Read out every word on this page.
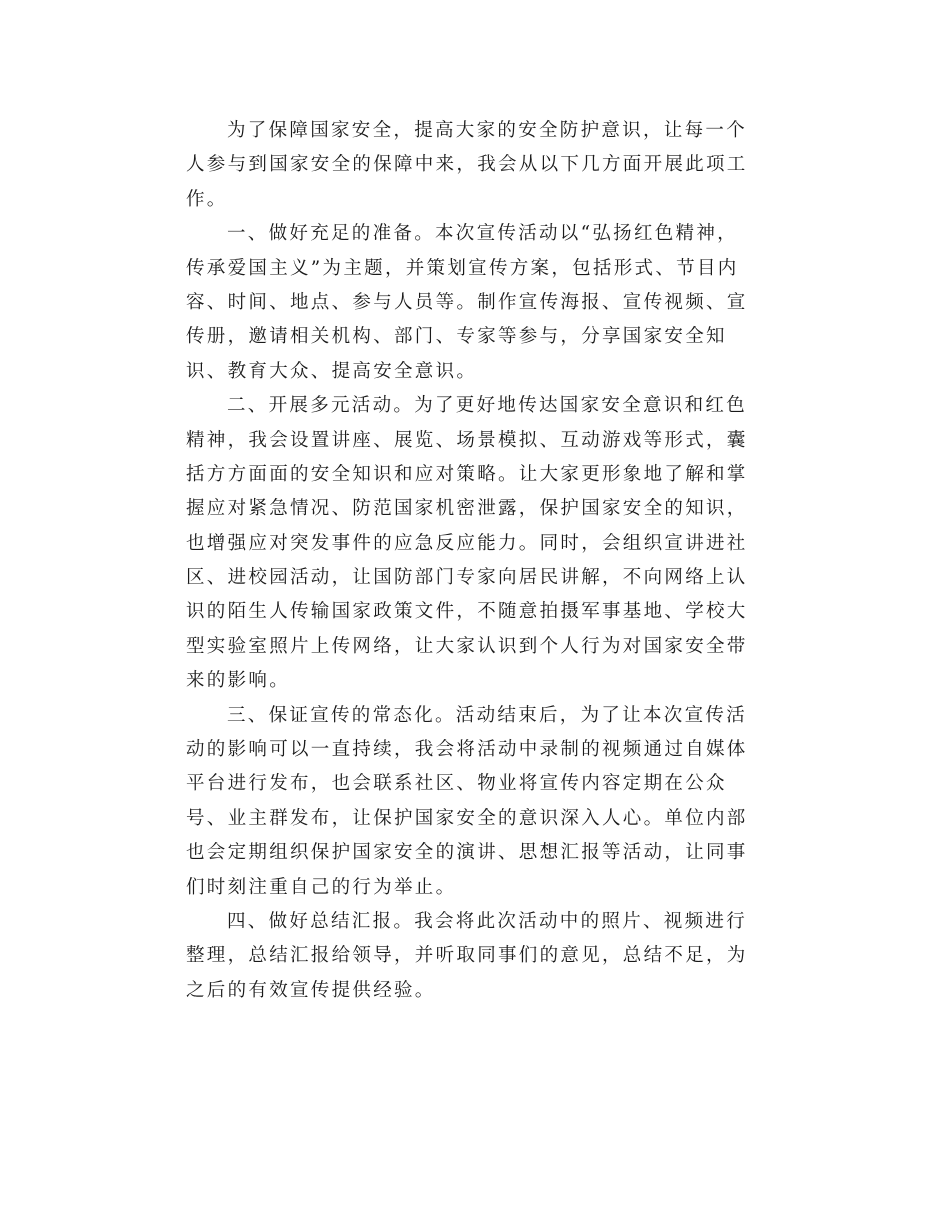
为了保障国家安全，提高大家的安全防护意识，让每一个
人参与到国家安全的保障中来，我会从以下几方面开展此项工
作。
一、做好充足的准备。本次宣传活动以“弘扬红色精神，
传承爱国主义”为主题，并策划宣传方案，包括形式、节目内
容、时间、地点、参与人员等。制作宣传海报、宣传视频、宣
传册，邀请相关机构、部门、专家等参与，分享国家安全知
识、教育大众、提高安全意识。
二、开展多元活动。为了更好地传达国家安全意识和红色
精神，我会设置讲座、展览、场景模拟、互动游戏等形式，囊
括方方面面的安全知识和应对策略。让大家更形象地了解和掌
握应对紧急情况、防范国家机密泄露，保护国家安全的知识，
也增强应对突发事件的应急反应能力。同时，会组织宣讲进社
区、进校园活动，让国防部门专家向居民讲解，不向网络上认
识的陌生人传输国家政策文件，不随意拍摄军事基地、学校大
型实验室照片上传网络，让大家认识到个人行为对国家安全带
来的影响。
三、保证宣传的常态化。活动结束后，为了让本次宣传活
动的影响可以一直持续，我会将活动中录制的视频通过自媒体
平台进行发布，也会联系社区、物业将宣传内容定期在公众
号、业主群发布，让保护国家安全的意识深入人心。单位内部
也会定期组织保护国家安全的演讲、思想汇报等活动，让同事
们时刻注重自己的行为举止。
四、做好总结汇报。我会将此次活动中的照片、视频进行
整理，总结汇报给领导，并听取同事们的意见，总结不足，为
之后的有效宣传提供经验。
